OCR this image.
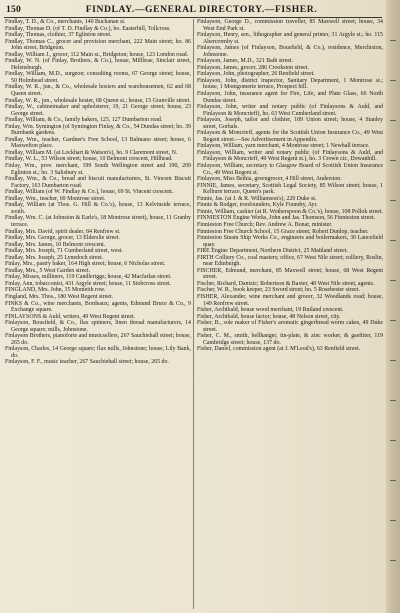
150	FINDLAY.—GENERAL DIRECTORY.—FISHER.

Findlay, T. D., & Co., merchants, 140 Buchanan st.

Findlay, Thomas D. (of T. D. Findlay & Co.), ho. Easterhill, Tollcross.

Findlay, Thomas, clothier, 37 Eglinton street.

Findlay, Thomas C., grocer and provision merchant, 222 Main street; ho. 86 John street, Bridgeton.

Findlay, William J., grocer, 112 Main st., Bridgeton; house, 123 London road.

Findlay, W. N. (of Finlay, Brothers, & Co.), house, Millbrae, Sinclair street, Helensburgh.

Findlay, William, M.D., surgeon; consulting rooms, 67 George street; house, 50 Holmhead street.

Findlay, W. R., jun., & Co., wholesale hosiers and warehousemen, 62 and 68 Queen street.

Findlay, W. R., jun., wholesale hosier, 68 Queen st.; house, 15 Granville street.

Findlay, W., cabinetmaker and upholsterer, 19, 21 George street; house, 23 George street.

Findlay, William, & Co., family bakers, 125, 127 Dumbarton road.

Finlay, Wm. Symington (of Symington Finlay, & Co., 54 Dundas street; ho. 39 Burnbank gardens.

Findlay, Wm., teacher, Gardner's Free School, 13 Balmano street; house, 6 Maxwelton place.

Findlay, William M. (at Lockhart & Watson's), ho. 9 Claremont street, N.

Findlay, W. L., 53 Wilson street; house, 10 Belmont crescent, Hillhead.

Finlay, Wm., prov. merchant, 199 South Wellington street and 190, 209 Eglinton st.; ho. 3 Salisbury st.

Findlay, Wm., & Co., bread and biscuit manufacturers, St. Vincent Biscuit Factory, 163 Dumbarton road.

Findlay, William (of W. Findlay & Co.), house, 69 St. Vincent crescent.

Findlay, Wm., teacher, 69 Montrose street.

Findlay, William (at Thos. G. Hill & Co.'s), house, 13 Kelvinside terrace, south.

Findlay, Wm. C. (at Johnston & Earle's, 18 Montrose street), house, 11 Granby terrace.

Findlay, Mrs. David, spirit dealer, 84 Renfrew st.

Findlay, Mrs. George, grocer, 13 Elderslie street.

Findlay, Mrs. James, 10 Belmont crescent.

Findlay, Mrs. Joseph, 71 Cumberland street, west.

Findlay, Mrs. Joseph, 25 Lynedoch street.

Finlay, Mrs., pastry baker, 164 High street; house, 6 Nicholas street.

Findlay, Mrs., 5 West Garden street.

Finlay, Misses, milliners, 119 Candleriggs; house, 42 Macfarlan street.

Finlay, Ann, tobacconist, 431 Argyle street; house, 11 Stobcross street.

FINGLAND, Mrs. John, 35 Monteith row.

Fingland, Mrs. Thos., 180 West Regent street.

FINKS & Co., wine merchants, Bordeaux; agents, Edmund Bruce & Co., 9 Exchange square.

FINLAYSONS & Auld, writers, 49 West Regent street.

Finlayson, Bousfield, & Co., flax spinners, linen thread manufacturers, 14 George square; mills, Johnstone.

Finlayson Brothers, pianoforte and musicsellers, 267 Sauchiehall street; house, 265 do.

Finlayson, Charles, 14 George square; flax mills, Johnstone; house, Lily Bank, do.

Finlayson, F. F., music teacher, 267 Sauchiehall street; house, 265 do.

Finlayson, George D., commission traveller, 85 Maxwell street; house, 34 West End Park st.

Finlayson, Henry, sen., lithographer and general printer, 31 Argyle st.; ho. 115 Abercromby st.

Finlayson, James (of Finlayson, Bousfield, & Co.), residence, Merchiston, Johnstone.

Finlayson, James, M.D., 321 Bath street.

Finlayson, James, grocer, 286 Crookston street.

Finlayson, John, photographer, 26 Renfield street.

Finlayson, John, district inspector, Sanitary Department, 1 Montrose st.; house, 1 Montgomerie terrace, Prospect hill.

Finlayson, John, insurance agent for Fire, Life, and Plate Glass, 66 North Dundas street.

Finlayson, John, writer and notary public (of Finlaysons & Auld, and Finlayson & Moncrieff), ho. 63 West Cumberland street.

Finlayson, Joseph, tailor and clothier, 109 Union street; house, 4 Stanley street, Gorbals.

Finlayson & Moncrieff, agents for the Scottish Union Insurance Co., 49 West Regent street.—See Advertisement in Appendix.

Finlayson, William, yarn merchant, 4 Montrose street; 1 Newhall terrace.

Finlayson, William, writer and notary public (of Finlaysons & Auld, and Finlayson & Moncrieff, 49 West Regent st.), ho. 3 Crown cir., Dowanhill.

Finlayson, William, secretary to Glasgow Board of Scottish Union Insurance Co., 49 West Regent st.

Finlayson, Miss Bethia, greengrocer, 4 Hill street, Anderston.

FINNIE, James, secretary, Scottish Legal Society, 85 Wilson street; house, 1 Kelburn terrace, Queen's park.

Finnie, Jas. (at J. & R. Williamson's), 229 Duke st.

Finnie & Rodger, ironfounders, Kyle Foundry, Ayr.

Finnie, William, cashier (at R. Wotherspoon & Co.'s), house, 108 Pollok street.

FINNIESTON Engine Works, John and Jas. Thomson, 56 Finnieston street.

Finnieston Free Church; Rev. Andrew A. Bonar, minister.

Finnieston Free Church School, 15 Grace street; Robert Dunlop, teacher.

Finnieston Steam Ship Works Co., engineers and boilermakers, 30 Lancefield quay.

FIRE Engine Department, Northern District, 25 Maitland street.

FIRTH Colliery Co., coal masters; office, 67 West Nile street; colliery, Roslin, near Edinburgh.

FISCHER, Edmund, merchant, 85 Maxwell street; house, 68 West Regent street.

Fischer, Richard, Dantzic; Robertson & Baxter, 48 West Nile street, agents.

Fischer, W. R., book keeper, 23 Sword street; ho. 5 Rosebester street.

FISHER, Alexander, wine merchant and grocer, 32 Woodlands road; house, 149 Renfrew street.

Fisher, Archibald, house wood merchant, 19 Rutland crescent.

Fisher, Archibald, house factor; house, 48 Nelson street, city.

Fisher, B., sole maker of Fisher's aromatic gingerbread worm cakes, 49 Duke street.

Fisher, C. M., smith, bellhanger, tin-plate, & zinc worker, & gasfitter, 119 Cambridge street; house, 137 do.

Fisher, Daniel, commission agent (at J. M'Leod's), 63 Renfield street.
